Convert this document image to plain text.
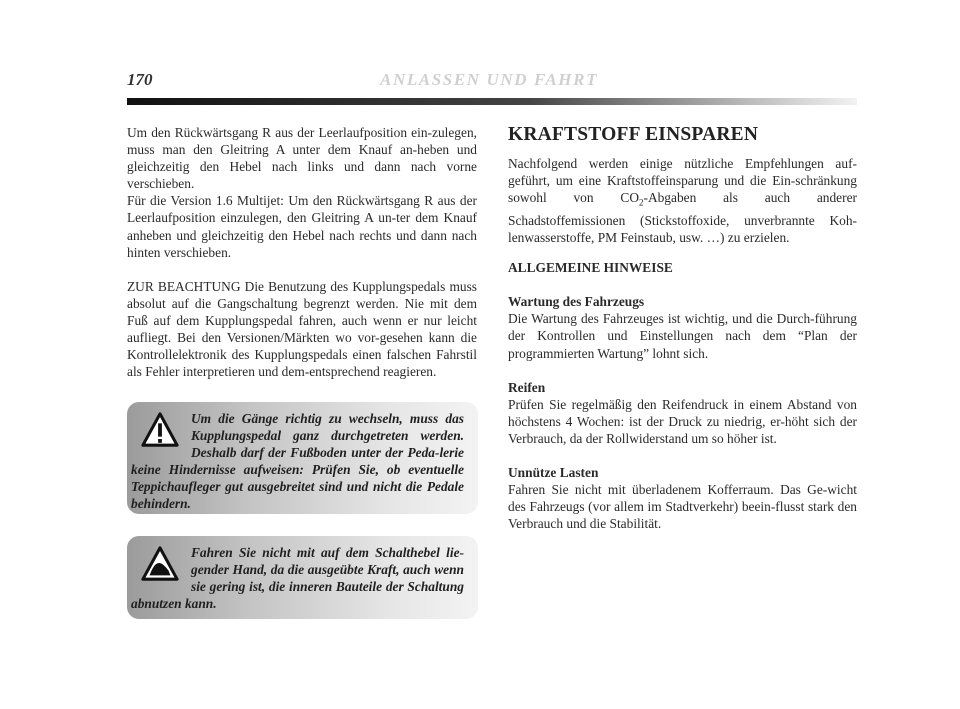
170	ANLASSEN UND FAHRT

Um den Rückwärtsgang R aus der Leerlaufposition ein-zulegen, muss man den Gleitring A unter dem Knauf an-heben und gleichzeitig den Hebel nach links und dann nach vorne verschieben.

Für die Version 1.6 Multijet: Um den Rückwärtsgang R aus der Leerlaufposition einzulegen, den Gleitring A un-ter dem Knauf anheben und gleichzeitig den Hebel nach rechts und dann nach hinten verschieben.

ZUR BEACHTUNG Die Benutzung des Kupplungspedals muss absolut auf die Gangschaltung begrenzt werden. Nie mit dem Fuß auf dem Kupplungspedal fahren, auch wenn er nur leicht aufliegt. Bei den Versionen/Märkten wo vor-gesehen kann die Kontrollelektronik des Kupplungspedals einen falschen Fahrstil als Fehler interpretieren und dem-entsprechend reagieren.

Um die Gänge richtig zu wechseln, muss das Kupplungspedal ganz durchgetreten werden. Deshalb darf der Fußboden unter der Peda-lerie keine Hindernisse aufweisen: Prüfen Sie, ob eventuelle Teppichaufleger gut ausgebreitet sind und nicht die Pedale behindern.

Fahren Sie nicht mit auf dem Schalthebel lie-gender Hand, da die ausgeübte Kraft, auch wenn sie gering ist, die inneren Bauteile der Schaltung abnutzen kann.

KRAFTSTOFF EINSPAREN

Nachfolgend werden einige nützliche Empfehlungen auf-geführt, um eine Kraftstoffeinsparung und die Ein-schränkung sowohl von $CO_2$-Abgaben als auch anderer Schadstoffemissionen (Stickstoffoxide, unverbrannte Koh-lenwasserstoffe, PM Feinstaub, usw. …) zu erzielen.

ALLGEMEINE HINWEISE

Wartung des Fahrzeugs

Die Wartung des Fahrzeuges ist wichtig, und die Durch-führung der Kontrollen und Einstellungen nach dem “Plan der programmierten Wartung” lohnt sich.

Reifen

Prüfen Sie regelmäßig den Reifendruck in einem Abstand von höchstens 4 Wochen: ist der Druck zu niedrig, er-höht sich der Verbrauch, da der Rollwiderstand um so höher ist.

Unnütze Lasten

Fahren Sie nicht mit überladenem Kofferraum. Das Ge-wicht des Fahrzeugs (vor allem im Stadtverkehr) beein-flusst stark den Verbrauch und die Stabilität.
